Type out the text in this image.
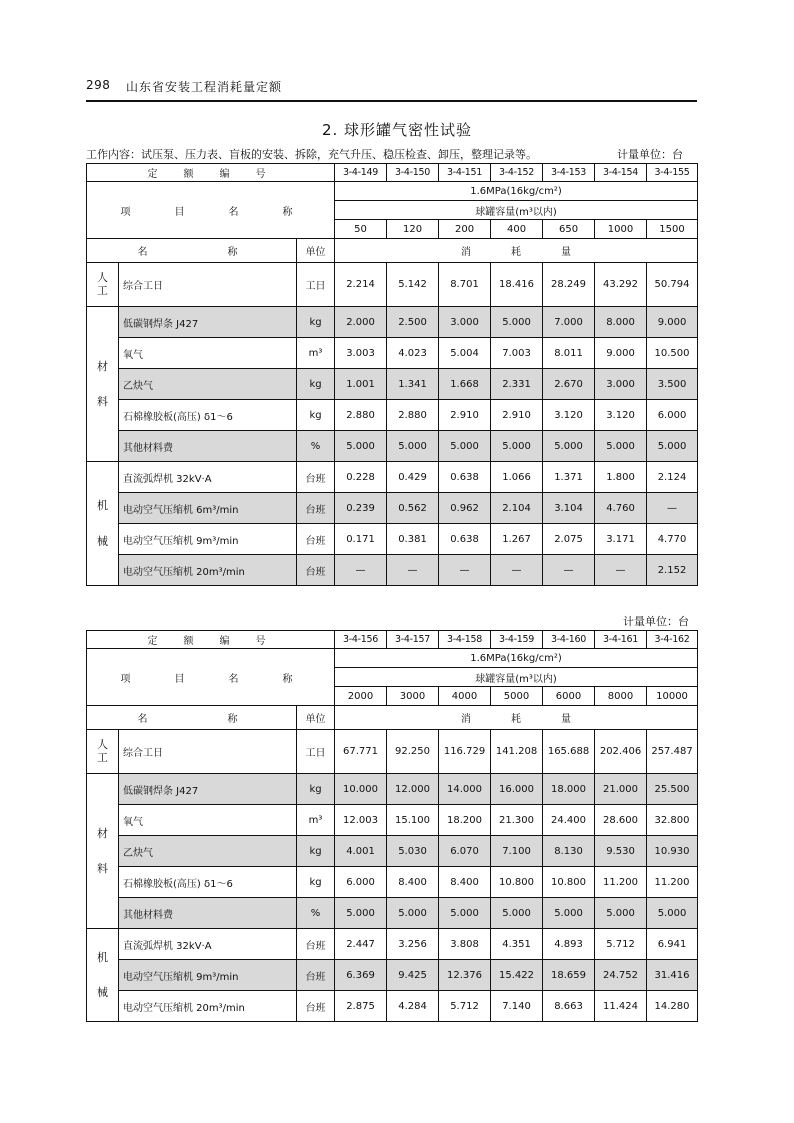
298 山东省安装工程消耗量定额
2. 球形罐气密性试验
工作内容：试压泵、压力表、盲板的安装、拆除，充气升压、稳压检查、卸压，整理记录等。	计量单位：台
定　额　编　号			3-4-149	3-4-150	3-4-151	3-4-152	3-4-153	3-4-154	3-4-155
项　　目　　名　　称			1.6MPa(16kg/cm²)						
			球罐容量(m³以内)						
			50	120	200	400	650	1000	1500
名　　　　称		单位	消　　　　耗　　　　量						

人工	综合工日	工日	2.214	5.142	8.701	18.416	28.249	43.292	50.794

材料	低碳钢焊条 J427	kg	2.000	2.500	3.000	5.000	7.000	8.000	9.000
	氧气	m³	3.003	4.023	5.004	7.003	8.011	9.000	10.500
	乙炔气	kg	1.001	1.341	1.668	2.331	2.670	3.000	3.500
	石棉橡胶板(高压) δ1～6	kg	2.880	2.880	2.910	2.910	3.120	3.120	6.000
	其他材料费	%	5.000	5.000	5.000	5.000	5.000	5.000	5.000

机械	直流弧焊机 32kV·A	台班	0.228	0.429	0.638	1.066	1.371	1.800	2.124
	电动空气压缩机 6m³/min	台班	0.239	0.562	0.962	2.104	3.104	4.760	—
	电动空气压缩机 9m³/min	台班	0.171	0.381	0.638	1.267	2.075	3.171	4.770
	电动空气压缩机 20m³/min	台班	—	—	—	—	—	—	2.152
计量单位：台
定　额　编　号			3-4-156	3-4-157	3-4-158	3-4-159	3-4-160	3-4-161	3-4-162
项　　目　　名　　称			1.6MPa(16kg/cm²)						
			球罐容量(m³以内)						
			2000	3000	4000	5000	6000	8000	10000
名　　　　称		单位	消　　　　耗　　　　量						

人工	综合工日	工日	67.771	92.250	116.729	141.208	165.688	202.406	257.487

材料	低碳钢焊条 J427	kg	10.000	12.000	14.000	16.000	18.000	21.000	25.500
	氧气	m³	12.003	15.100	18.200	21.300	24.400	28.600	32.800
	乙炔气	kg	4.001	5.030	6.070	7.100	8.130	9.530	10.930
	石棉橡胶板(高压) δ1～6	kg	6.000	8.400	8.400	10.800	10.800	11.200	11.200
	其他材料费	%	5.000	5.000	5.000	5.000	5.000	5.000	5.000

机械	直流弧焊机 32kV·A	台班	2.447	3.256	3.808	4.351	4.893	5.712	6.941
	电动空气压缩机 9m³/min	台班	6.369	9.425	12.376	15.422	18.659	24.752	31.416
	电动空气压缩机 20m³/min	台班	2.875	4.284	5.712	7.140	8.663	11.424	14.280
